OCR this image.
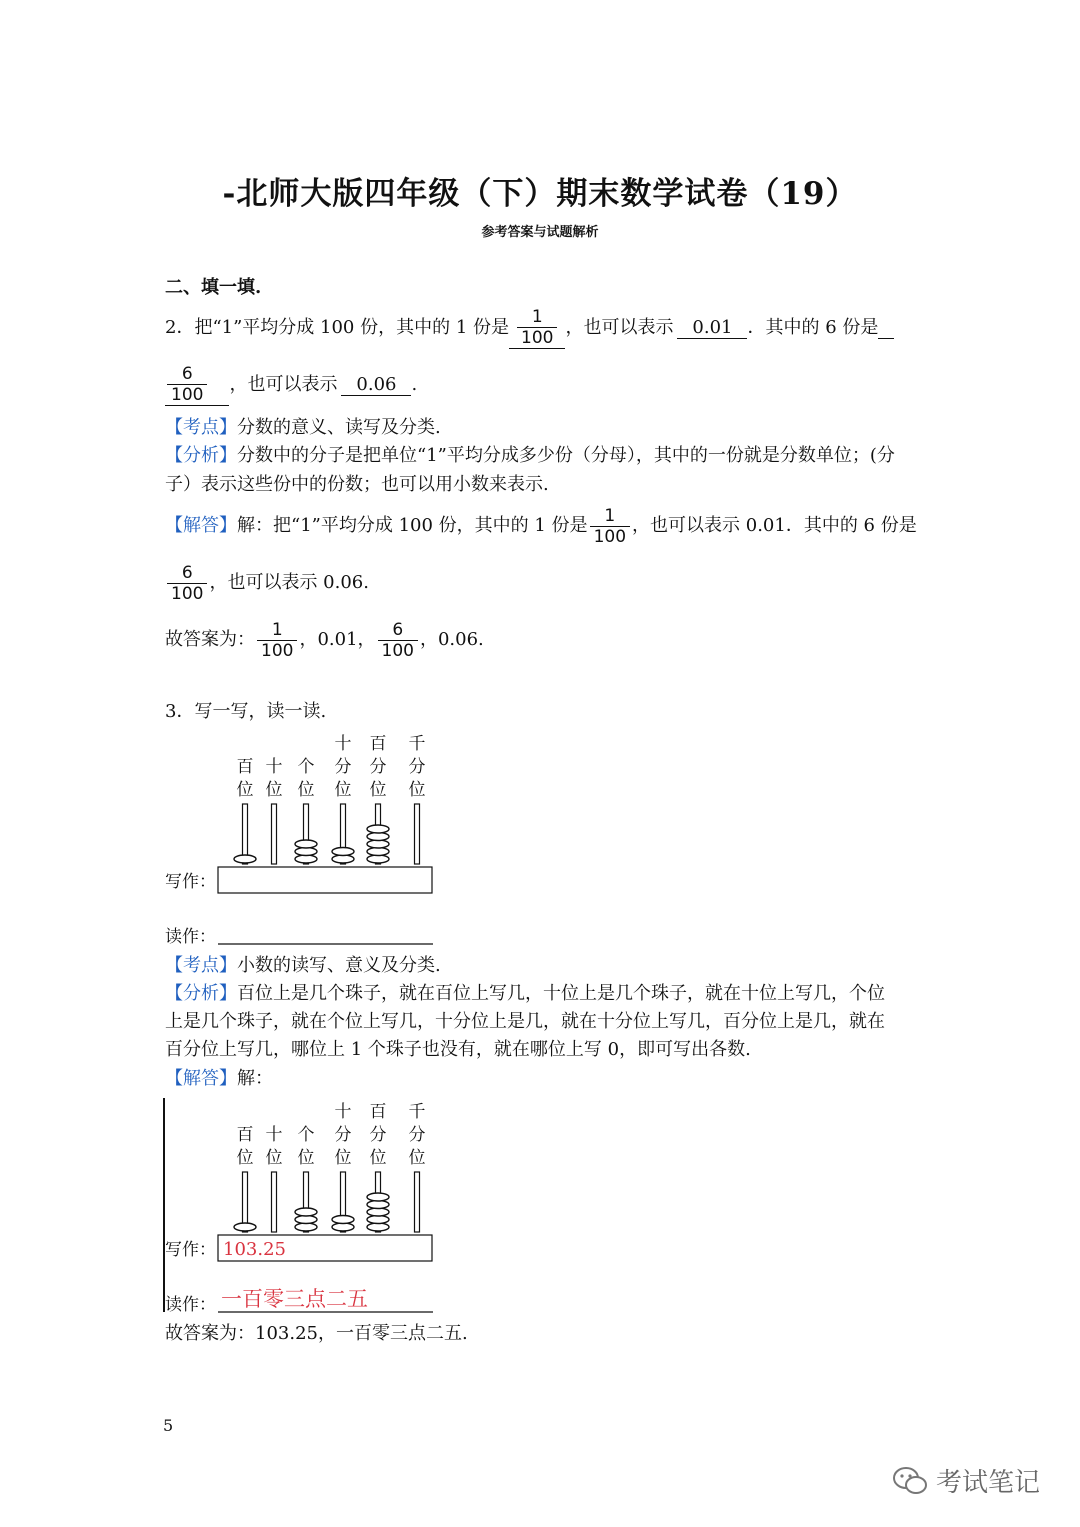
-北师大版四年级（下）期末数学试卷（19）
参考答案与试题解析
二、填一填.
2．把“1”平均分成 100 份，其中的 1 份是 $\frac{1}{100}$ ，也可以表示	0.01 ．其中的 6 份是

$\frac{6}{100}$ ，也可以表示	0.06 .
【考点】分数的意义、读写及分类.
【分析】分数中的分子是把单位“1”平均分成多少份（分母），其中的一份就是分数单位；(分
子）表示这些份中的份数；也可以用小数来表示.
【解答】 解：把“1”平均分成 100 份，其中的 1 份是 $\frac{1}{100}$ ，也可以表示 0.01．其中的 6 份是
$\frac{6}{100}$ ，也可以表示 0.06.
故答案为： $\frac{1}{100}$ ，0.01， $\frac{6}{100}$ ，0.06.
3．写一写，读一读.
百
位
十
位
个
位
十
分
位
百
分
位
千
分
位
写作：
读作：
【考点】小数的读写、意义及分类.
【分析】百位上是几个珠子，就在百位上写几，十位上是几个珠子，就在十位上写几，个位
上是几个珠子，就在个位上写几，十分位上是几，就在十分位上写几，百分位上是几，就在
百分位上写几，哪位上 1 个珠子也没有，就在哪位上写 0，即可写出各数.
【解答】解：
百
位
十
位
个
位
十
分
位
百
分
位
千
分
位
写作：
读作：
103.25
一百零三点二五
故答案为：103.25，一百零三点二五.
5
考试笔记
